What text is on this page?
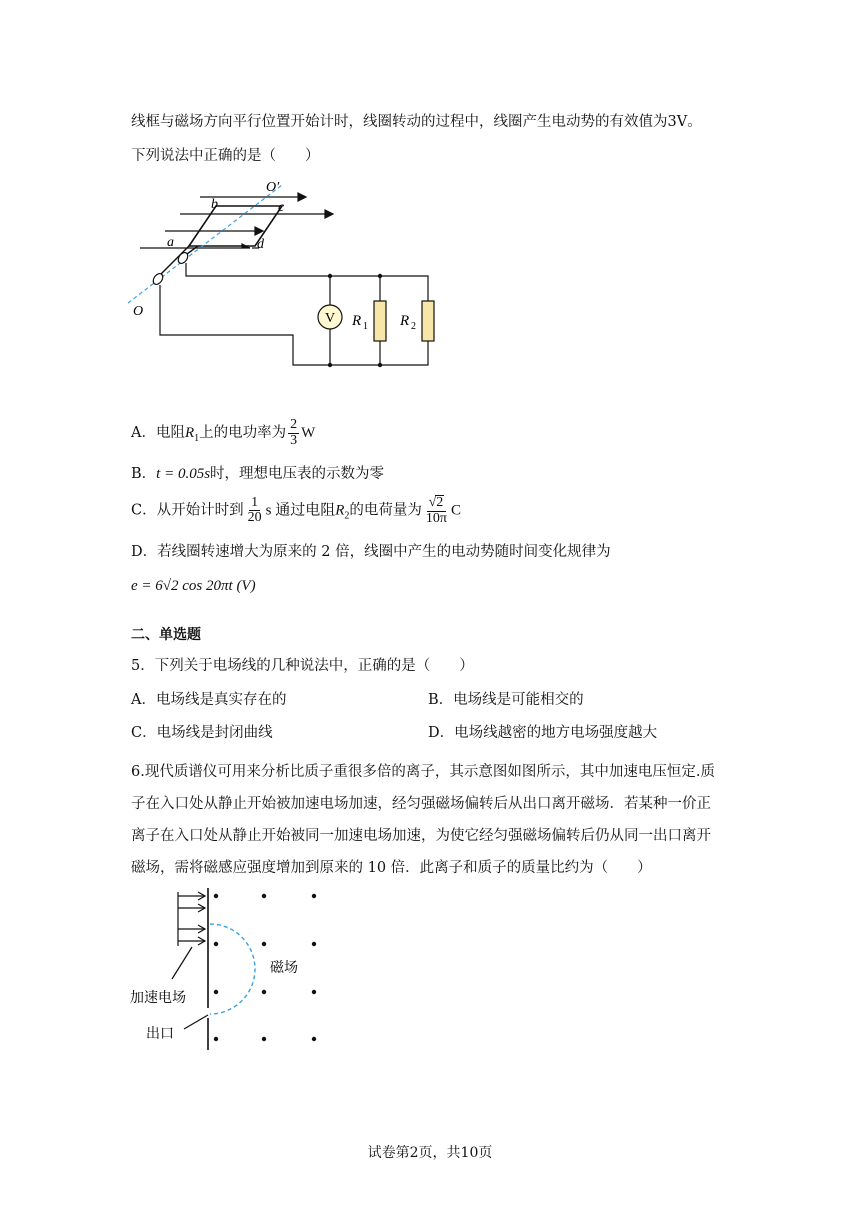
线框与磁场方向平行位置开始计时，线圈转动的过程中，线圈产生电动势的有效值为3V。
下列说法中正确的是（　　）
V R 1 R 2
b	c
a	d
O′
O
A．电阻$R_1$上的电功率为 $\frac{2}{3}$ W
B．t = 0.05s时，理想电压表的示数为零
C．从开始计时到 $\frac{1}{20}$ s 通过电阻$R_2$的电荷量为 $\frac{√2}{10\pi}$ C
D．若线圈转速增大为原来的 2 倍，线圈中产生的电动势随时间变化规律为
e = 6√2 cos 20πt (V)
二、单选题
5．下列关于电场线的几种说法中，正确的是（　　）
A．电场线是真实存在的	B．电场线是可能相交的
C．电场线是封闭曲线	D．电场线越密的地方电场强度越大
6.现代质谱仪可用来分析比质子重很多倍的离子，其示意图如图所示，其中加速电压恒定.质
子在入口处从静止开始被加速电场加速，经匀强磁场偏转后从出口离开磁场．若某种一价正
离子在入口处从静止开始被同一加速电场加速，为使它经匀强磁场偏转后仍从同一出口离开
磁场，需将磁感应强度增加到原来的 10 倍．此离子和质子的质量比约为（　　）
磁场
加速电场
出口
试卷第2页，共10页
